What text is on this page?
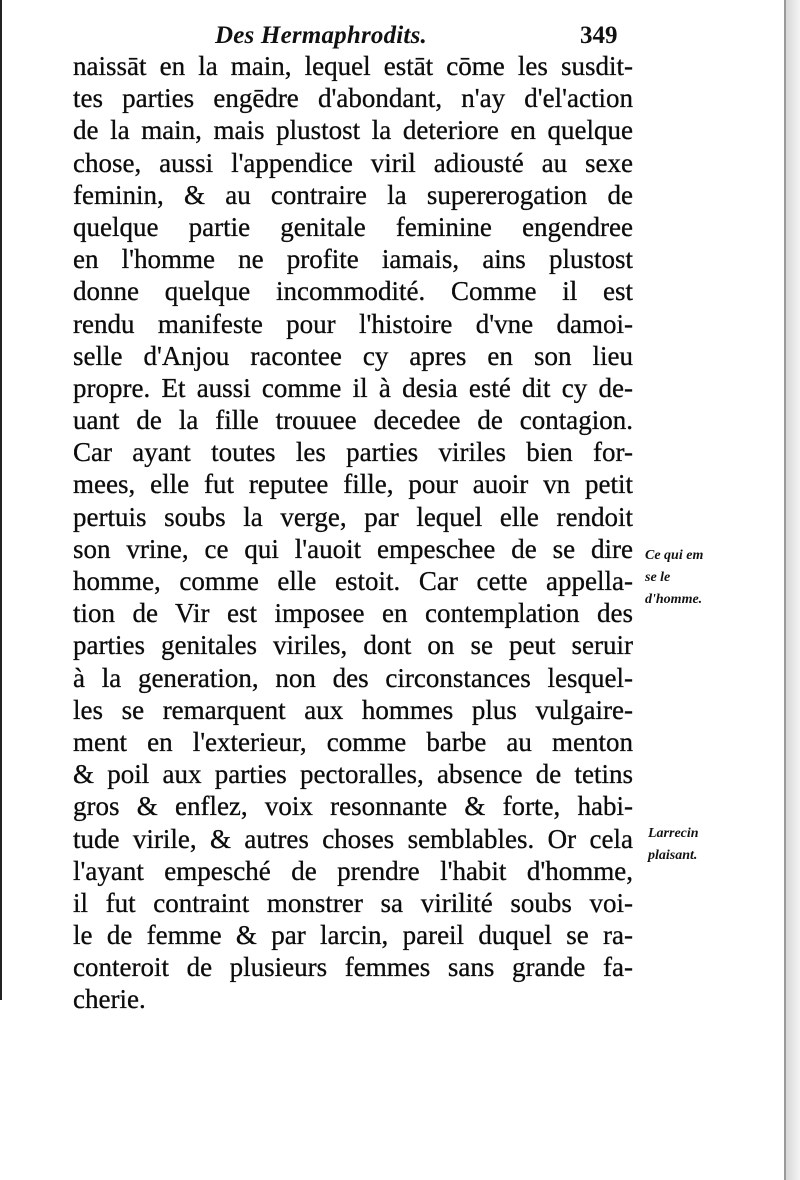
Des Hermaphrodits.	349
naissāt en la main, lequel estāt cōme les susdit-
tes parties engēdre d'abondant, n'ay d'el'action
de la main, mais plustost la deteriore en quelque
chose, aussi l'appendice viril adiousté au sexe
feminin, & au contraire la supererogation de
quelque partie genitale feminine engendree
en l'homme ne profite iamais, ains plustost
donne quelque incommodité. Comme il est
rendu manifeste pour l'histoire d'vne damoi-
selle d'Anjou racontee cy apres en son lieu
propre. Et aussi comme il à desia esté dit cy de-
uant de la fille trouuee decedee de contagion.
Car ayant toutes les parties viriles bien for-
mees, elle fut reputee fille, pour auoir vn petit
pertuis soubs la verge, par lequel elle rendoit
son vrine, ce qui l'auoit empeschee de se dire
homme, comme elle estoit. Car cette appella-
tion de Vir est imposee en contemplation des
parties genitales viriles, dont on se peut seruir
à la generation, non des circonstances lesquel-
les se remarquent aux hommes plus vulgaire-
ment en l'exterieur, comme barbe au menton
& poil aux parties pectoralles, absence de tetins
gros & enflez, voix resonnante & forte, habi-
tude virile, & autres choses semblables. Or cela
l'ayant empesché de prendre l'habit d'homme,
il fut contraint monstrer sa virilité soubs voi-
le de femme & par larcin, pareil duquel se ra-
conteroit de plusieurs femmes sans grande fa-
cherie.
Ce qui em
se le
d'homme.
Larrecin
plaisant.
